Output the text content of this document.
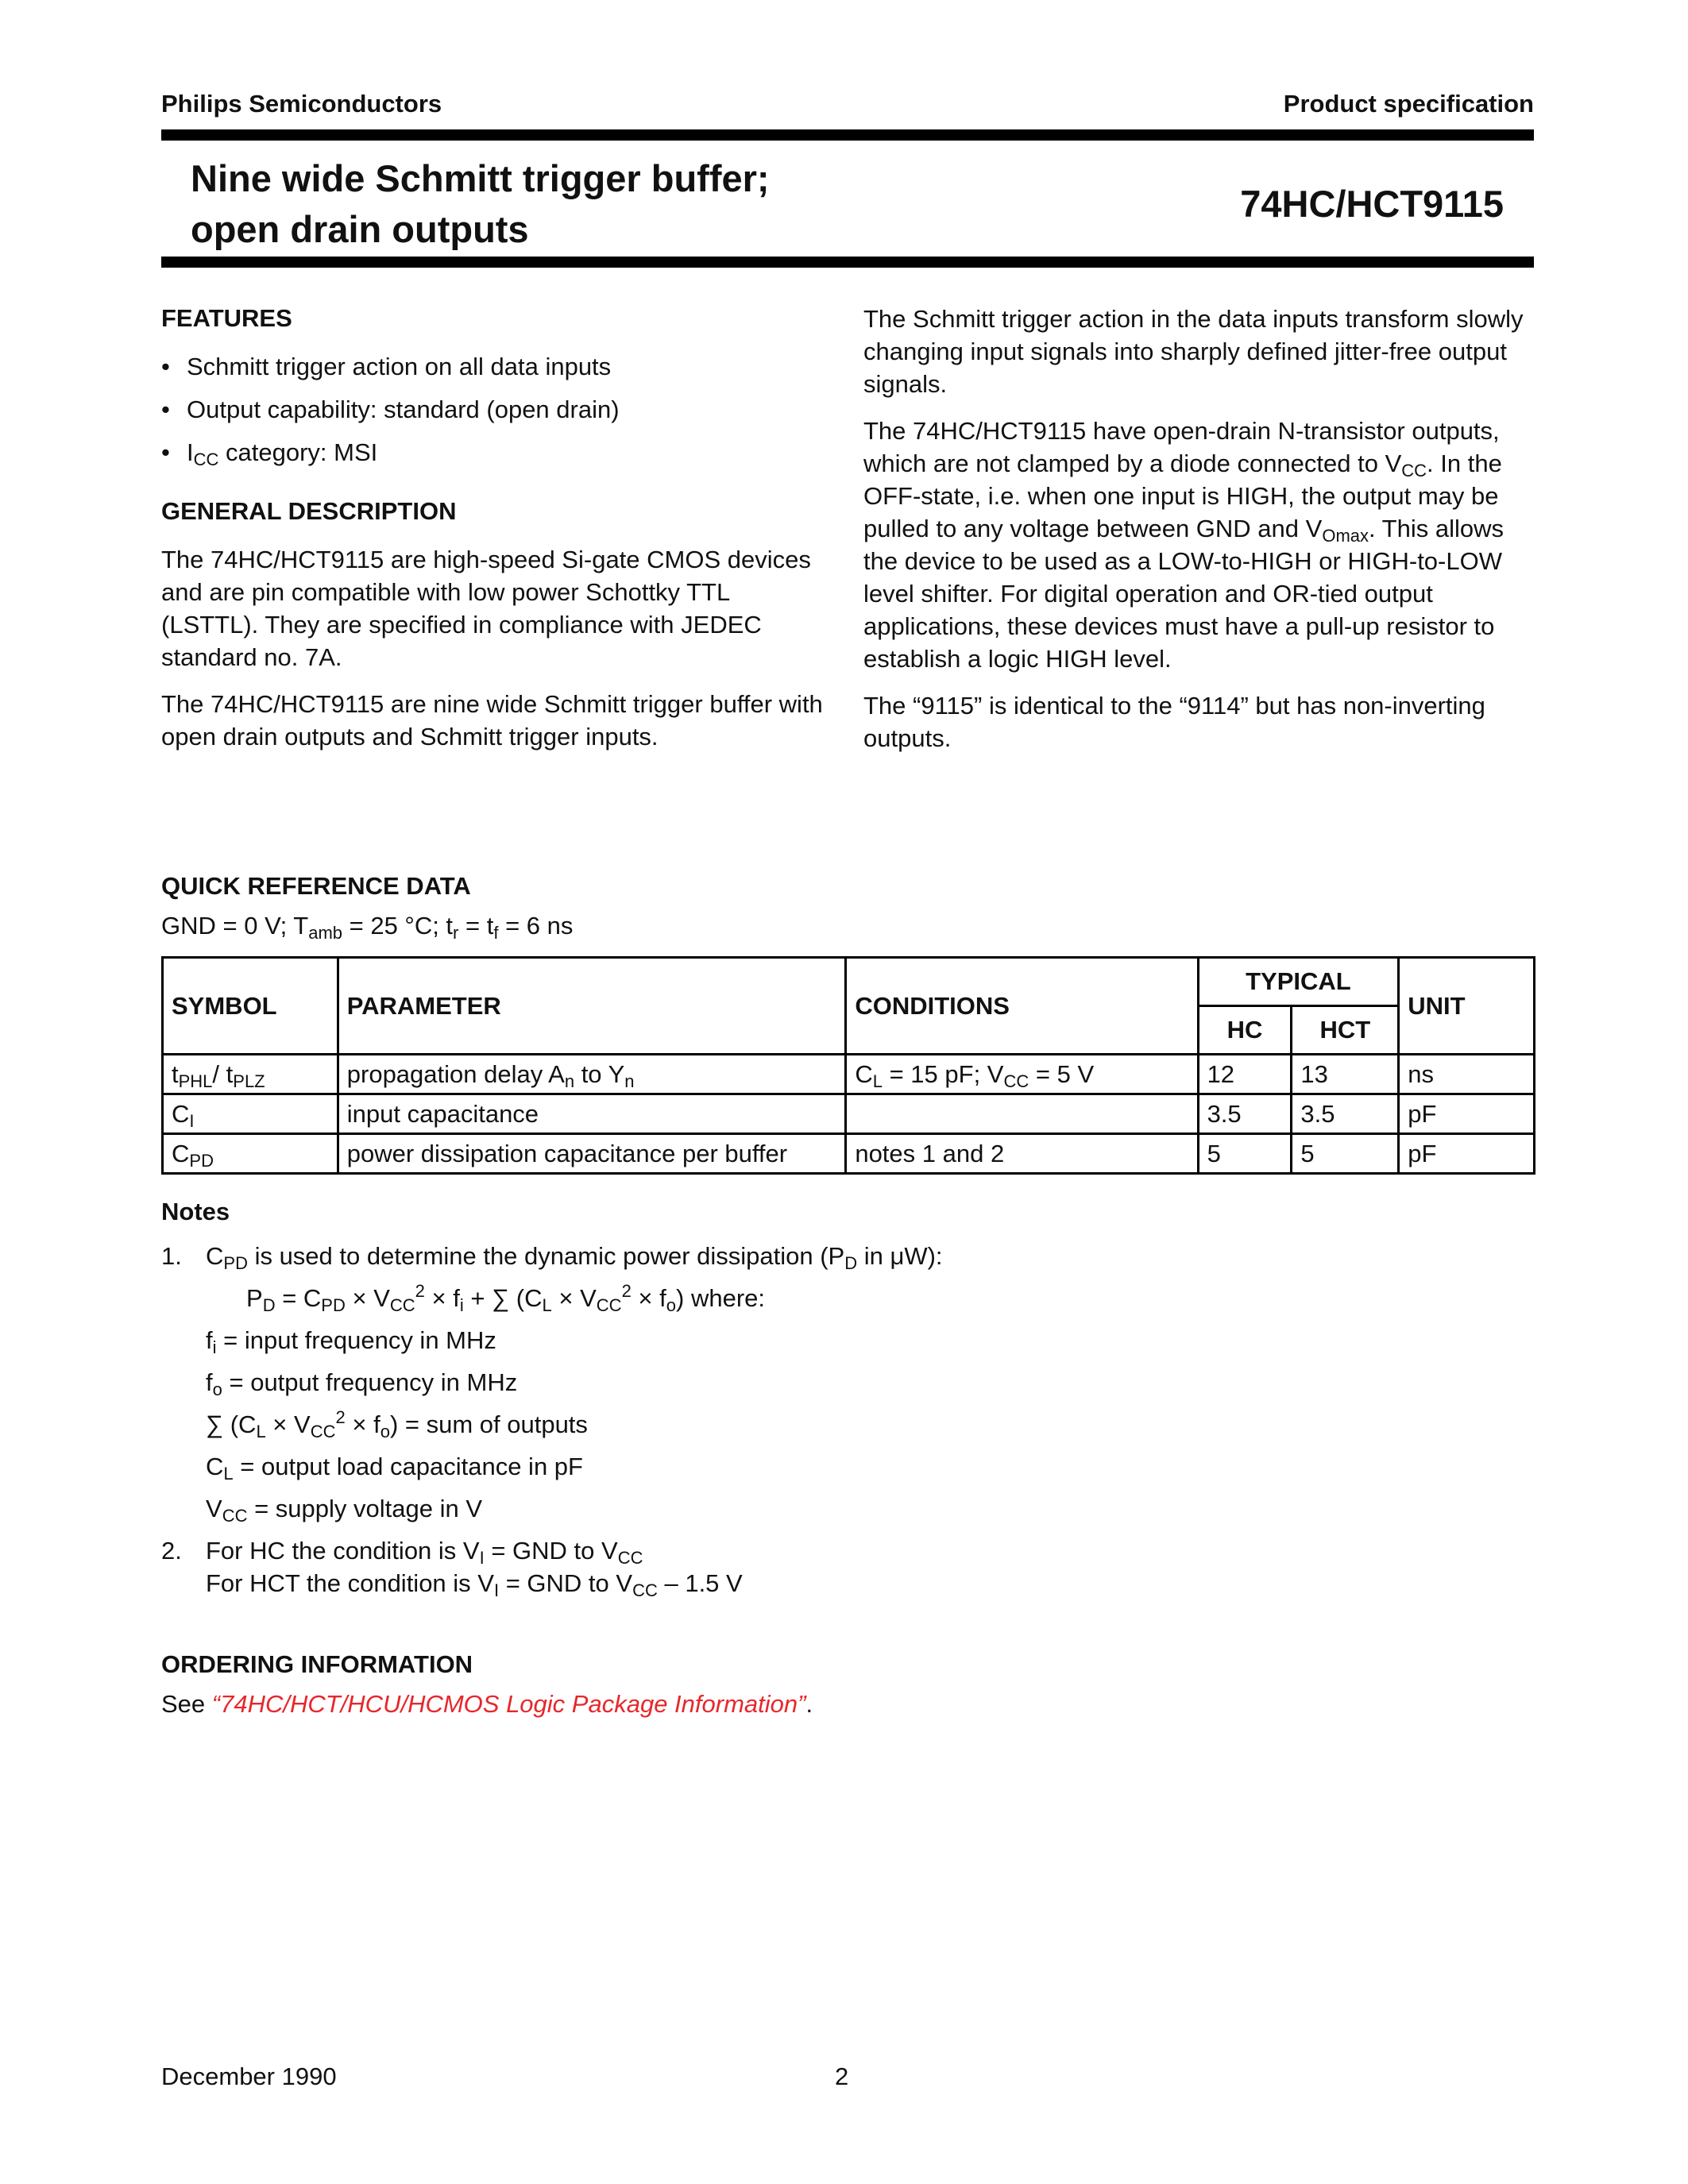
Philips Semiconductors	Product specification
Nine wide Schmitt trigger buffer;
open drain outputs
74HC/HCT9115
FEATURES
• Schmitt trigger action on all data inputs
• Output capability: standard (open drain)
• $I_{CC}$ category: MSI
GENERAL DESCRIPTION

The 74HC/HCT9115 are high-speed Si-gate CMOS devices and are pin compatible with low power Schottky TTL (LSTTL). They are specified in compliance with JEDEC standard no. 7A.

The 74HC/HCT9115 are nine wide Schmitt trigger buffer with open drain outputs and Schmitt trigger inputs.

The Schmitt trigger action in the data inputs transform slowly changing input signals into sharply defined jitter-free output signals.

The 74HC/HCT9115 have open-drain N-transistor outputs, which are not clamped by a diode connected to $V_{CC}$. In the OFF-state, i.e. when one input is HIGH, the output may be pulled to any voltage between GND and $V_{Omax}$. This allows the device to be used as a LOW-to-HIGH or HIGH-to-LOW level shifter. For digital operation and OR-tied output applications, these devices must have a pull-up resistor to establish a logic HIGH level.

The “9115” is identical to the “9114” but has non-inverting outputs.

QUICK REFERENCE DATA
GND = 0 V; $T_{amb} = 25$ °C; $t_r = t_f = 6$ ns
SYMBOL	PARAMETER	CONDITIONS	TYPICAL		UNIT
			HC	HCT	
$t_{PHL}/$ $t_{PLZ}$	propagation delay $A_n$ to $Y_n$	$C_L = 15$ pF; $V_{CC} = 5$ V	12	13	ns
$C_I$	input capacitance		3.5	3.5	pF
$C_{PD}$	power dissipation capacitance per buffer	notes 1 and 2	5	5	pF
Notes
1. $C_{PD}$ is used to determine the dynamic power dissipation ($P_D$ in μW):
$P_D = C_{PD} \times V_{CC}^2 \times f_i$ + ∑ $(C_L \times V_{CC}^2 \times f_o)$ where:
$f_i$ = input frequency in MHz
$f_o$ = output frequency in MHz
∑ $(C_L \times V_{CC}^2 \times f_o)$ = sum of outputs
$C_L$ = output load capacitance in pF
$V_{CC}$ = supply voltage in V
2. For HC the condition is $V_I$ = GND to $V_{CC}$
For HCT the condition is $V_I$ = GND to $V_{CC} - 1.5$ V
ORDERING INFORMATION
See “74HC/HCT/HCU/HCMOS Logic Package Information”.
December 1990	2
